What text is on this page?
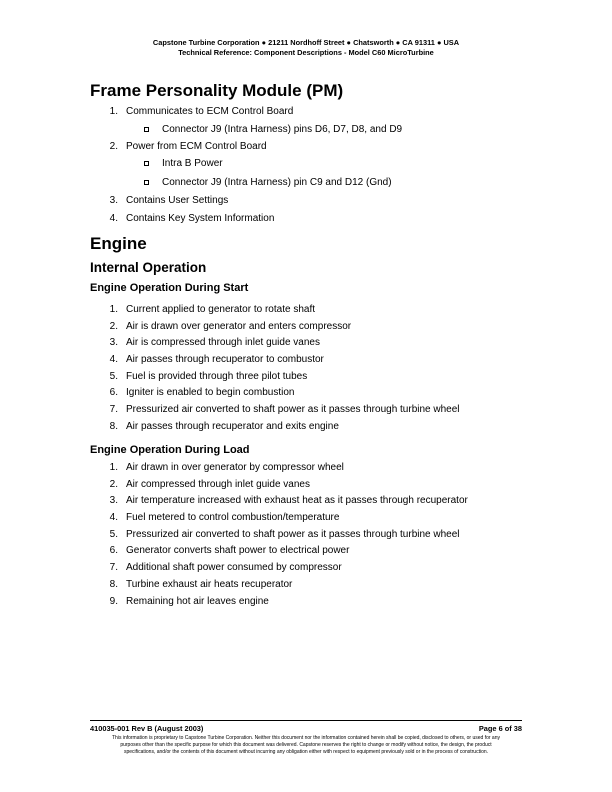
Capstone Turbine Corporation ● 21211 Nordhoff Street ● Chatsworth ● CA 91311 ● USA
Technical Reference: Component Descriptions - Model C60 MicroTurbine
Frame Personality Module (PM)
1. Communicates to ECM Control Board
Connector J9 (Intra Harness) pins D6, D7, D8, and D9
2. Power from ECM Control Board
Intra B Power
Connector J9 (Intra Harness) pin C9 and D12 (Gnd)
3. Contains User Settings
4. Contains Key System Information
Engine
Internal Operation
Engine Operation During Start
1. Current applied to generator to rotate shaft
2. Air is drawn over generator and enters compressor
3. Air is compressed through inlet guide vanes
4. Air passes through recuperator to combustor
5. Fuel is provided through three pilot tubes
6. Igniter is enabled to begin combustion
7. Pressurized air converted to shaft power as it passes through turbine wheel
8. Air passes through recuperator and exits engine
Engine Operation During Load
1. Air drawn in over generator by compressor wheel
2. Air compressed through inlet guide vanes
3. Air temperature increased with exhaust heat as it passes through recuperator
4. Fuel metered to control combustion/temperature
5. Pressurized air converted to shaft power as it passes through turbine wheel
6. Generator converts shaft power to electrical power
7. Additional shaft power consumed by compressor
8. Turbine exhaust air heats recuperator
9. Remaining hot air leaves engine
410035-001 Rev B (August 2003)	Page 6 of 38
This information is proprietary to Capstone Turbine Corporation. Neither this document nor the information contained herein shall be copied, disclosed to others, or used for any
purposes other than the specific purpose for which this document was delivered. Capstone reserves the right to change or modify without notice, the design, the product
specifications, and/or the contents of this document without incurring any obligation either with respect to equipment previously sold or in the process of construction.
